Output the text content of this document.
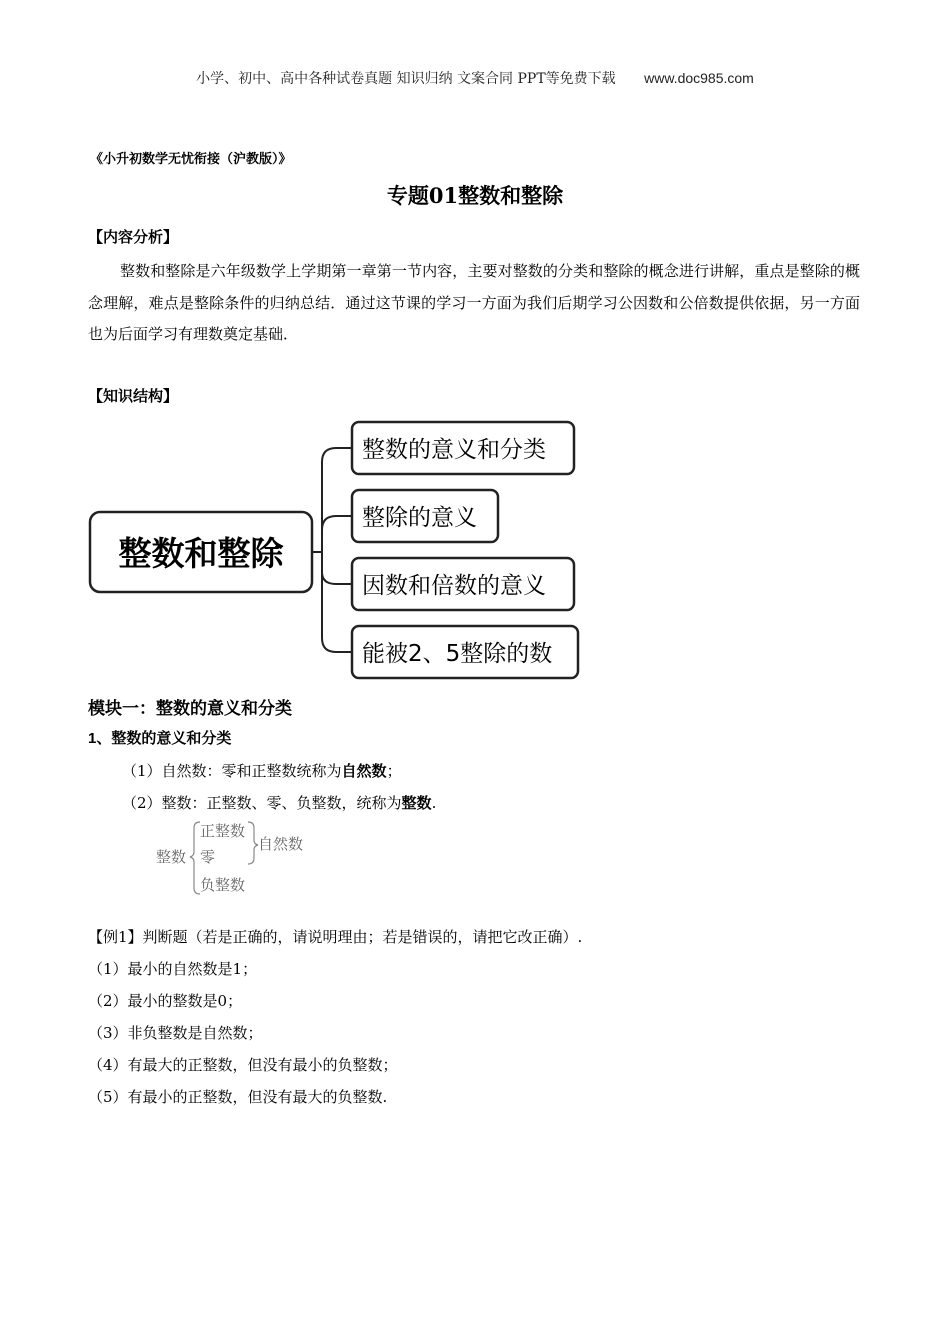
小学、初中、高中各种试卷真题 知识归纳 文案合同 PPT等免费下载 www.doc985.com
《小升初数学无忧衔接（沪教版）》
专题01整数和整除
【内容分析】
整数和整除是六年级数学上学期第一章第一节内容，主要对整数的分类和整除的概念进行讲解，重点是整除的概念理解，难点是整除条件的归纳总结．通过这节课的学习一方面为我们后期学习公因数和公倍数提供依据，另一方面也为后面学习有理数奠定基础．
【知识结构】
整数和整除
整数的意义和分类
整除的意义
因数和倍数的意义
能被2、5整除的数
模块一：整数的意义和分类
1、整数的意义和分类
（1）自然数：零和正整数统称为自然数；
（2）整数：正整数、零、负整数，统称为整数.
整数
正整数
零
负整数
自然数
【例1】判断题（若是正确的，请说明理由；若是错误的，请把它改正确）.
（1）最小的自然数是1；
（2）最小的整数是0；
（3）非负整数是自然数；
（4）有最大的正整数，但没有最小的负整数；
（5）有最小的正整数，但没有最大的负整数.
